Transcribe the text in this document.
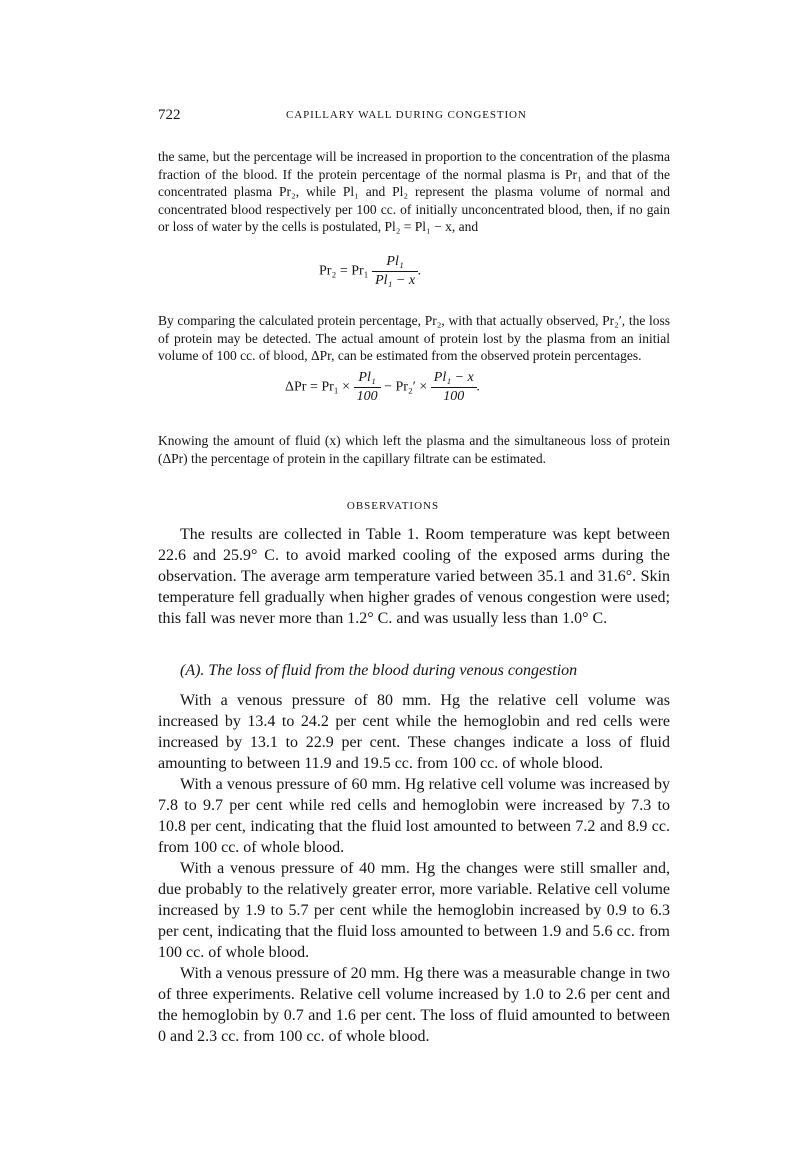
722	CAPILLARY WALL DURING CONGESTION

the same, but the percentage will be increased in proportion to the concentration of the plasma fraction of the blood. If the protein percentage of the normal plasma is Pr₁ and that of the concentrated plasma Pr₂, while Pl₁ and Pl₂ represent the plasma volume of normal and concentrated blood respectively per 100 cc. of initially unconcentrated blood, then, if no gain or loss of water by the cells is postulated, Pl₂ = Pl₁ − x, and

$Pr_2 = Pr_1 \frac{\text{Pl₁}}{\text{Pl₁ − x}}$ .

By comparing the calculated protein percentage, Pr₂, with that actually observed, Pr₂′, the loss of protein may be detected. The actual amount of protein lost by the plasma from an initial volume of 100 cc. of blood, ΔPr, can be estimated from the observed protein percentages.

$\Delta Pr = Pr_1 \times \frac{\text{Pl₁}}{100} - Pr_2' \times \frac{\text{Pl₁ − x}}{100}$ .

Knowing the amount of fluid (x) which left the plasma and the simultaneous loss of protein (ΔPr) the percentage of protein in the capillary filtrate can be estimated.

OBSERVATIONS

The results are collected in Table 1. Room temperature was kept between 22.6 and 25.9° C. to avoid marked cooling of the exposed arms during the observation. The average arm temperature varied between 35.1 and 31.6°. Skin temperature fell gradually when higher grades of venous congestion were used; this fall was never more than 1.2° C. and was usually less than 1.0° C.

(A). The loss of fluid from the blood during venous congestion

With a venous pressure of 80 mm. Hg the relative cell volume was increased by 13.4 to 24.2 per cent while the hemoglobin and red cells were increased by 13.1 to 22.9 per cent. These changes indicate a loss of fluid amounting to between 11.9 and 19.5 cc. from 100 cc. of whole blood.

With a venous pressure of 60 mm. Hg relative cell volume was increased by 7.8 to 9.7 per cent while red cells and hemoglobin were increased by 7.3 to 10.8 per cent, indicating that the fluid lost amounted to between 7.2 and 8.9 cc. from 100 cc. of whole blood.

With a venous pressure of 40 mm. Hg the changes were still smaller and, due probably to the relatively greater error, more variable. Relative cell volume increased by 1.9 to 5.7 per cent while the hemoglobin increased by 0.9 to 6.3 per cent, indicating that the fluid loss amounted to between 1.9 and 5.6 cc. from 100 cc. of whole blood.

With a venous pressure of 20 mm. Hg there was a measurable change in two of three experiments. Relative cell volume increased by 1.0 to 2.6 per cent and the hemoglobin by 0.7 and 1.6 per cent. The loss of fluid amounted to between 0 and 2.3 cc. from 100 cc. of whole blood.
